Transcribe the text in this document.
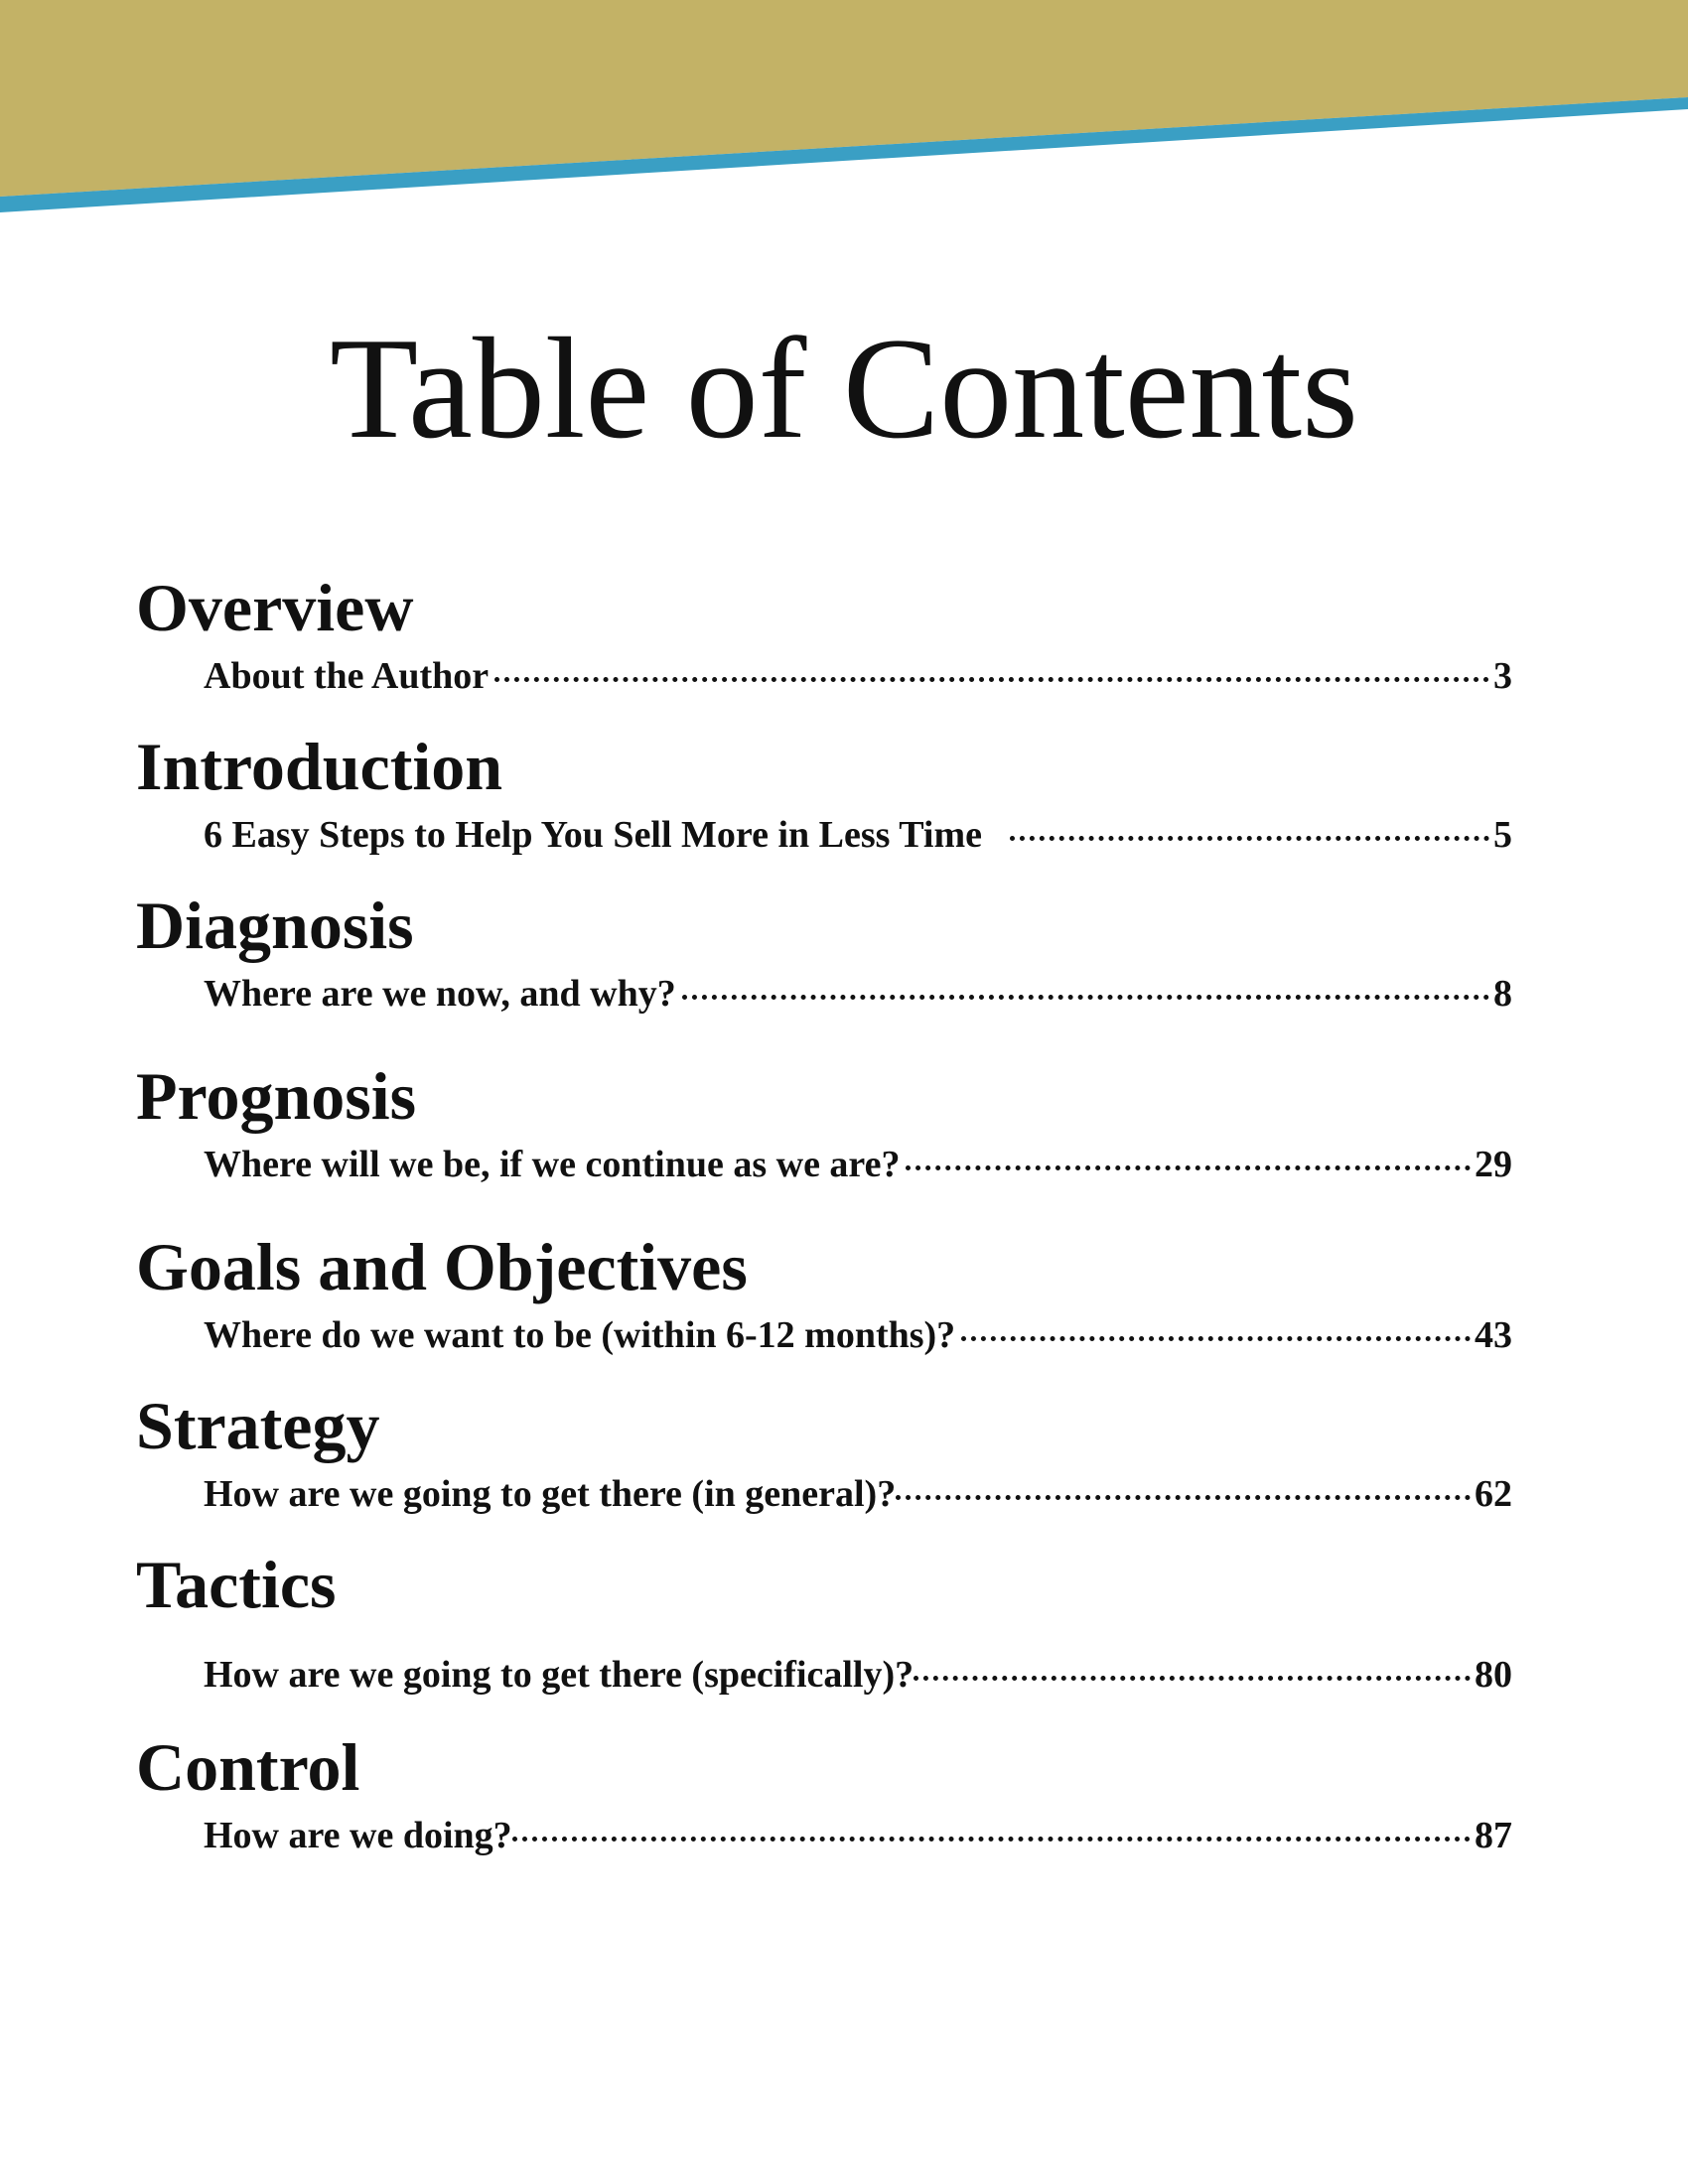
Table of Contents
Overview
About the Author	3
Introduction
6 Easy Steps to Help You Sell More in Less Time	5
Diagnosis
Where are we now, and why?	8
Prognosis
Where will we be, if we continue as we are?	29
Goals and Objectives
Where do we want to be (within 6-12 months)?	43
Strategy
How are we going to get there (in general)?	62
Tactics
How are we going to get there (specifically)?	80
Control
How are we doing?	87
